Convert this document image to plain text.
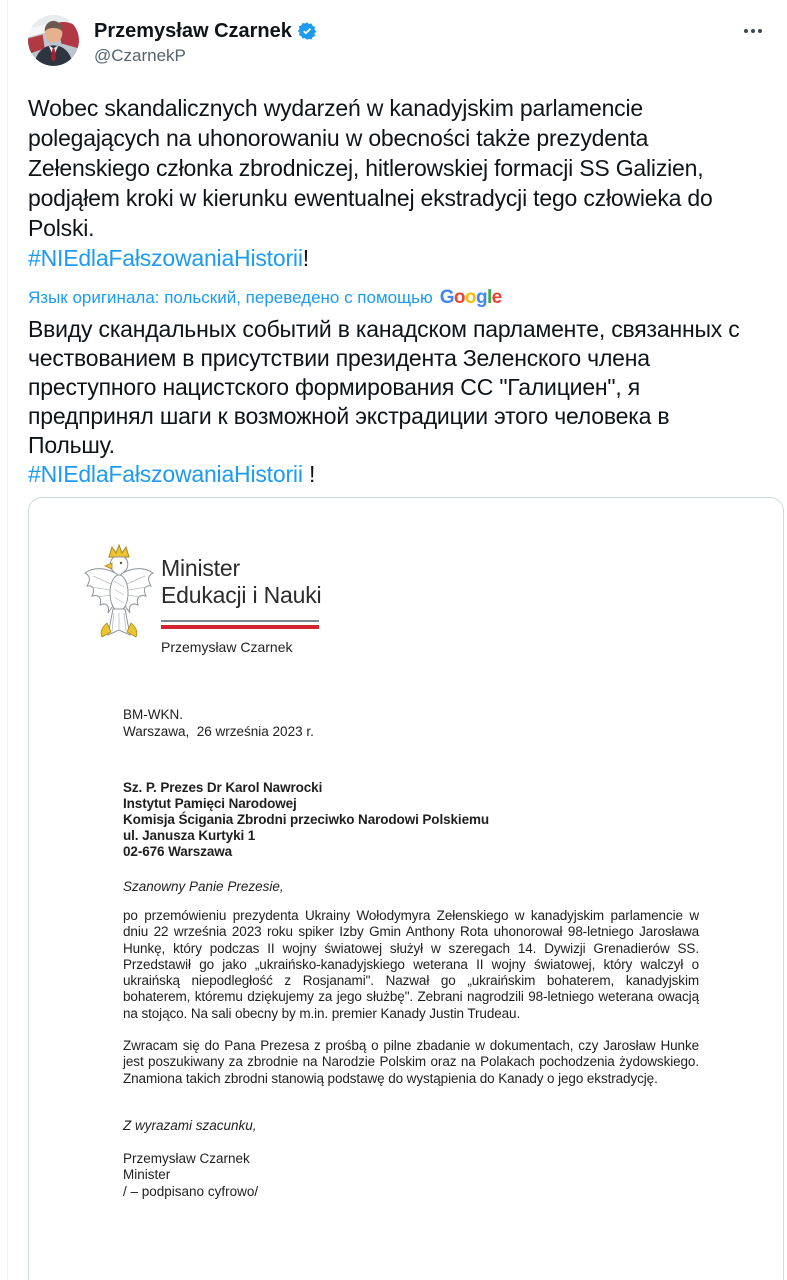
Przemysław Czarnek
@CzarnekP

Wobec skandalicznych wydarzeń w kanadyjskim parlamencie polegających na uhonorowaniu w obecności także prezydenta Zełenskiego członka zbrodniczej, hitlerowskiej formacji SS Galizien, podjąłem kroki w kierunku ewentualnej ekstradycji tego człowieka do Polski.

#NIEdlaFałszowaniaHistorii!

Язык оригинала: польский, переведено с помощью Google

Ввиду скандальных событий в канадском парламенте, связанных с чествованием в присутствии президента Зеленского члена преступного нацистского формирования СС "Галициен", я предпринял шаги к возможной экстрадиции этого человека в Польшу.

#NIEdlaFałszowaniaHistorii !

Minister
Edukacji i Nauki
Przemysław Czarnek

BM-WKN.

Warszawa,  26 września 2023 r.

Sz. P. Prezes Dr Karol Nawrocki
Instytut Pamięci Narodowej
Komisja Ścigania Zbrodni przeciwko Narodowi Polskiemu
ul. Janusza Kurtyki 1
02-676 Warszawa

Szanowny Panie Prezesie,

po przemówieniu prezydenta Ukrainy Wołodymyra Zełenskiego w kanadyjskim parlamencie w dniu 22 września 2023 roku spiker Izby Gmin Anthony Rota uhonorował 98-letniego Jarosława Hunkę, który podczas II wojny światowej służył w szeregach 14. Dywizji Grenadierów SS. Przedstawił go jako „ukraińsko-kanadyjskiego weterana II wojny światowej, który walczył o ukraińską niepodległość z Rosjanami". Nazwał go „ukraińskim bohaterem, kanadyjskim bohaterem, któremu dziękujemy za jego służbę". Zebrani nagrodzili 98-letniego weterana owacją na stojąco. Na sali obecny by m.in. premier Kanady Justin Trudeau.

Zwracam się do Pana Prezesa z prośbą o pilne zbadanie w dokumentach, czy Jarosław Hunke jest poszukiwany za zbrodnie na Narodzie Polskim oraz na Polakach pochodzenia żydowskiego. Znamiona takich zbrodni stanowią podstawę do wystąpienia do Kanady o jego ekstradycję.

Z wyrazami szacunku,

Przemysław Czarnek
Minister
/ – podpisano cyfrowo/
